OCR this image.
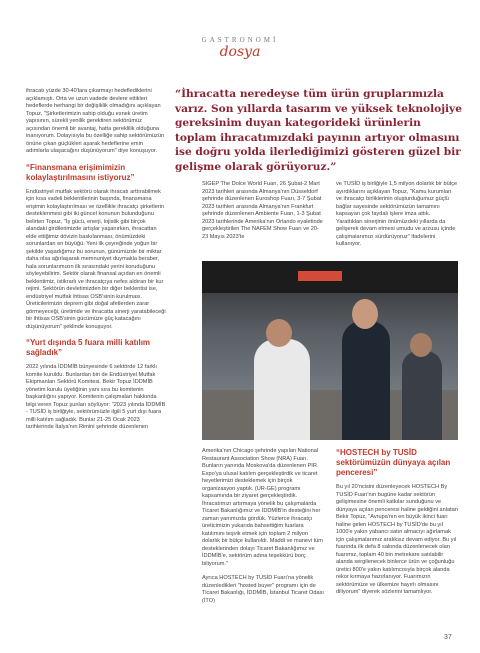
GASTRONOMİ
dosya

ihracatı yüzde 30-40'lara çıkarmayı hedeflediklerini açıklamıştı. Orta ve uzun vadede devlere ettikleri hedeflerde herhangi bir değişiklik olmadığını açıklayan Topuz, "Şirketlerimizin sahip olduğu esnek üretim yapısının, sürekli yenilik gerektiren sektörümüz açısından önemli bir avantaj, hatta gereklilik olduğuna inanıyorum. Dolayısıyla bu özelliğe sahip sektörümüzün önüne çıkan güçlükleri aşarak hedeflerine emin adımlarla ulaşacağını düşünüyorum" diye konuşuyor.

“Finansmana erişimimizin kolaylaştırılmasını istiyoruz”

Endüstriyel mutfak sektörü olarak ihracatı arttırabilmek için kısa vadeli beklentilerinin başında, finansmana erişimin kolaylaştırılması ve özellikle ihracatçı şirketlerin desteklenmesi gibi iki güncel konunun bulunduğunu belirten Topuz, "İş gücü, enerji, lojistik gibi birçok alandaki girdilerimizde artışlar yaşanırken, ihracattan elde ettiğimiz dövizin baskılanması, önümüzdeki sorunlardan en büyüğü. Yeni ilk çeyreğinde yoğun bir şekilde yaşadığımız bu sorunun, günümüzde bir miktar daha olsa ağırlaşarak memnuniyet duymakla beraber, hala sorunlarımızın ilk sırasındaki yerini koruduğunu söyleyebilirim. Sektör olarak finansal açıdan en önemli beklentimiz, istikrarlı ve ihracatçıya nefes aldıran bir kur rejimi. Sektörün devletimizden bir diğer beklentisi ise, endüstriyel mutfak ihtisas OSB'sinin kurulması. Üreticilerimizin deprem gibi doğal afetlerden zarar görmeyeceği, üretimde ve ihracatta sinerji yaratabileceği bir ihtisas OSB'sinin gücümüze güç katacağını düşünüyorum" şeklinde konuşuyor.

“Yurt dışında 5 fuara milli katılım sağladık”

2022 yılında İDDMİB bünyesinde 6 sektörde 12 farklı komite kuruldu. Bunlardan biri de Endüstriyel Mutfak Ekipmanları Sektörü Komitesi. Bekir Topuz İDDMİB yönetim kurulu üyeliğinin yanı sıra bu komitenin başkanlığını yapıyor. Komitenin çalışmaları hakkında bilgi veren Topuz şunları söylüyor: "2023 yılında İDDMİB - TUSİD iş birliğiyle, sektörümüzle ilgili 5 yurt dışı fuara milli katılım sağladık. Bunlar 21-25 Ocak 2023 tarihlerinde İtalya'nın Rimini şehrinde düzenlenen

“İhracatta neredeyse tüm ürün gruplarımızla varız. Son yıllarda tasarım ve yüksek teknolojiye gereksinim duyan kategorideki ürünlerin toplam ihracatımızdaki payının artıyor olmasını ise doğru yolda ilerlediğimizi gösteren güzel bir gelişme olarak görüyoruz.”

SIGEP The Dolce World Fuarı, 26 Şubat-2 Mart 2023 tarihleri arasında Almanya'nın Düsseldorf şehrinde düzenlenen Euroshop Fuarı, 3-7 Şubat 2023 tarihleri arasında Almanya'nın Frankfurt şehrinde düzenlenen Ambiente Fuarı, 1-3 Şubat 2023 tarihlerinde Amerika'nın Orlando eyaletinde gerçekleştirilen The NAFEM Show Fuarı ve 20-23 Mayıs 2023'te

ve TUSİD iş birliğiyle 1,5 milyon dolarlık bir bütçe ayırdıklarını açıklayan Topuz, "Kamu kurumları ve ihracatçı birliklerinin oluşturduğumuz güçlü bağlar sayesinde sektörümüzün tamamını kapsayan çok faydalı işlere imza attık. Yarattıkları sinerjinin önümüzdeki yıllarda da gelişerek devam etmesi umudu ve arzusu içinde çalışmalarımızı sürdürüyoruz" ifadelerini kullanıyor.

Amerika'nın Chicago şehrinde yapılan National Restaurant Association Show (NRA) Fuarı. Bunların yanında Moskova'da düzenlenen PIR Expo'ya ulusal katılım gerçekleştirdik ve ticaret heyetlerimizi desteklemek için birçok organizasyon yaptık. (UR-GE) programı kapsamında bir ziyaret gerçekleştirdik. İhracatımızı artırmaya yönelik bu çalışmalarda Ticaret Bakanlığımız ve İDDMİB'in desteğini her zaman yanımızda gördük. Yüzlerce ihracatçı üreticimizin yukarıda bahsettiğim fuarlara katılımını teşvik etmek için toplam 2 milyon dolarlık bir bütçe kullanıldı. Maddi ve manevi tüm desteklerinden dolayı Ticaret Bakanlığımız ve İDDMİB'e, sektörüm adına teşekkürü borç biliyorum."

Ayrıca HOSTECH by TUSİD Fuarı'na yönelik düzenledikleri "hosted buyer" programı için de Ticaret Bakanlığı, İDDMİB, İstanbul Ticaret Odası (İTO)

“HOSTECH by TUSİD sektörümüzün dünyaya açılan penceresi”

Bu yıl 20'ncisini düzenleyecek HOSTECH By TUSİD Fuarı'nın bugüne kadar sektörün gelişimesine önemli katkılar sunduğunu ve dünyaya açılan penceresi haline geldiğini anlatan Bekir Topuz, "Avrupa'nın en büyük ikinci fuarı haline gelen HOSTECH by TUSİD'de bu yıl 1000'e yakın yabancı satın almacıyı ağırlamak için çalışmalarımız aralıksız devam ediyor. Bu yıl fuarında ilk defa 8 salonda düzenlenecek olan fuarımız, toplam 40 bin metrekare satılabilir alanda sergilenecek binlerce ürün ve çoğunluğu üretici 800'e yakın katılımcısıyla birçok alanda rekor kırmaya hazırlanıyor. Fuarımızın sektörümüze ve ülkemize hayırlı olmasını diliyorum" diyerek sözlerini tamamlıyor.

37
